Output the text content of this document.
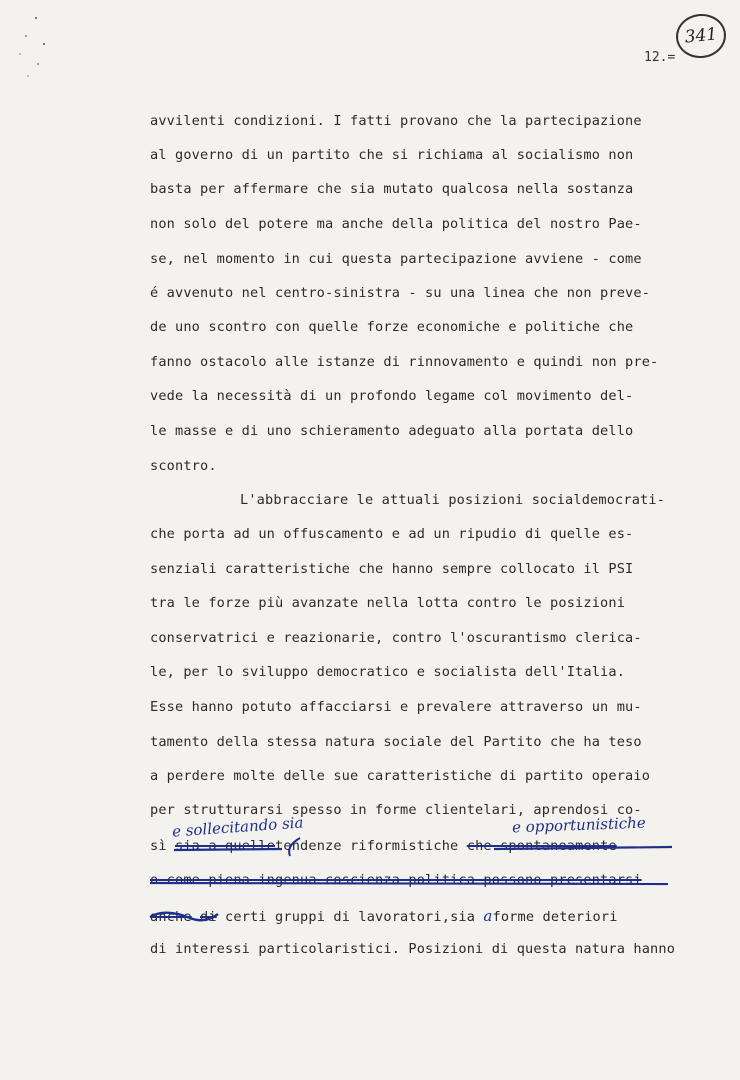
341
12.=
avvilenti condizioni. I fatti provano che la partecipazione
al governo di un partito che si richiama al socialismo non
basta per affermare che sia mutato qualcosa nella sostanza
non solo del potere ma anche della politica del nostro Pae-
se, nel momento in cui questa partecipazione avviene - come
é avvenuto nel centro-sinistra - su una linea che non preve-
de uno scontro con quelle forze economiche e politiche che
fanno ostacolo alle istanze di rinnovamento e quindi non pre-
vede la necessità di un profondo legame col movimento del-
le masse e di uno schieramento adeguato alla portata dello
scontro.
L'abbracciare le attuali posizioni socialdemocrati-
che porta ad un offuscamento e ad un ripudio di quelle es-
senziali caratteristiche che hanno sempre collocato il PSI
tra le forze più avanzate nella lotta contro le posizioni
conservatrici e reazionarie, contro l'oscurantismo clerica-
le, per lo sviluppo democratico e socialista dell'Italia.
Esse hanno potuto affacciarsi e prevalere attraverso un mu-
tamento della stessa natura sociale del Partito che ha teso
a perdere molte delle sue caratteristiche di partito operaio
per strutturarsi spesso in forme clientelari, aprendosi co-
e sollecitando sia	e opportunistiche
sì sia a quelletendenze riformistiche che spontaneamente
o come piena ingenua coscienza politica possono presentarsi
anche di certi gruppi di lavoratori,sia aforme deteriori
di interessi particolaristici. Posizioni di questa natura hanno
